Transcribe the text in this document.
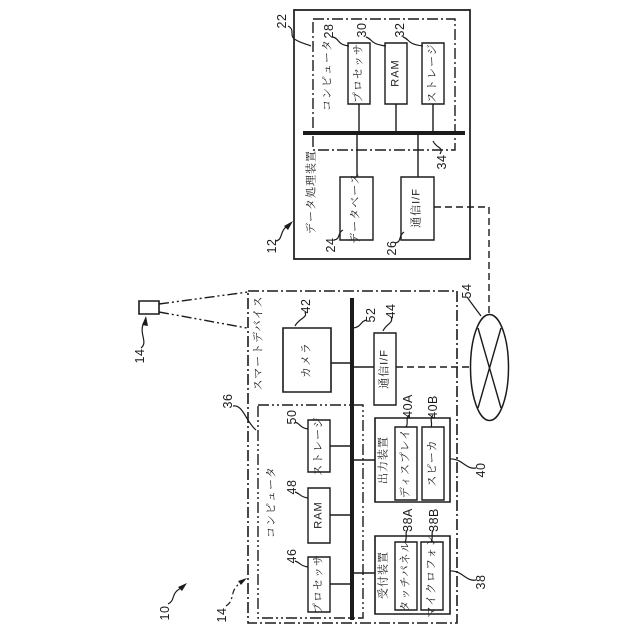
データ処理装置
コンピュータ プロセッサ RAM ストレージ
データベース	通信I/F
22
28 30 32
34
24	26
12
スマートデバイス	カメラ	通信I/F
コンピュータ
ストレージ
RAM
プロセッサ
出力装置 ディスプレイ スピーカ
受付装置 タッチパネル マイクロフォン
42
52 44
54
50
48
46
40A 40B
38A 38B
40
38
36
14
14
10
